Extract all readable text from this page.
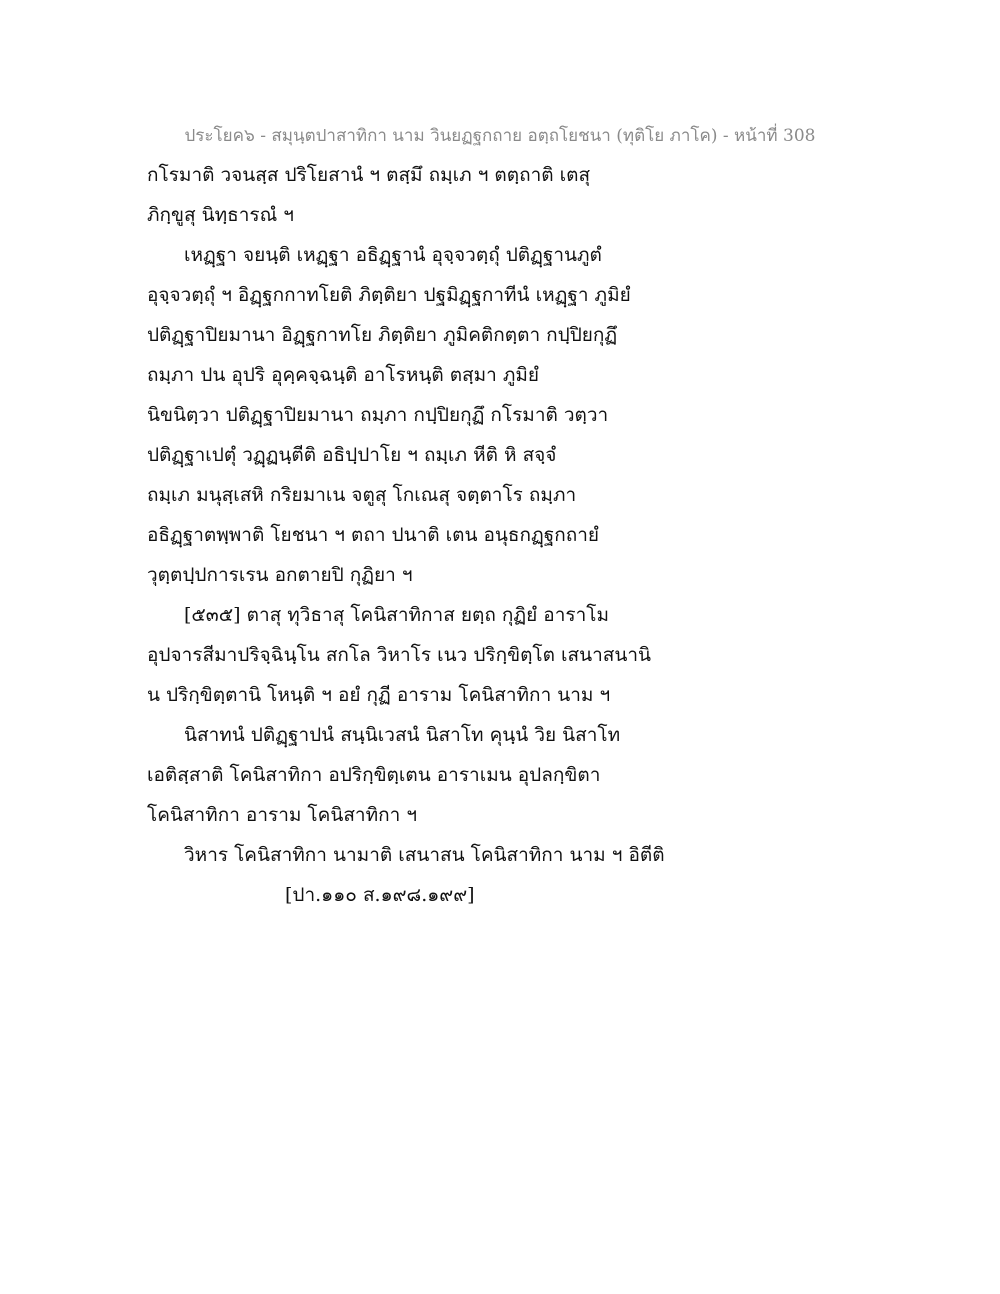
ประโยค๖ - สมุนฺตปาสาทิกา นาม วินยฏฐกถาย อตฺถโยชนา (ทุติโย ภาโค) - หน้าที่ 308
กโรมาติ วจนสฺส ปริโยสานํ ฯ ตสฺมึ ถมฺเภ ฯ ตตฺถาติ เตสุ
ภิกฺขูสุ นิทฺธารณํ ฯ
เหฏฺฐา จยนฺติ เหฏฺฐา อธิฏฺฐานํ อุจฺจวตฺถุํ ปติฏฺฐานภูตํ
อุจฺจวตฺถุํ ฯ อิฏฺฐกกาทโยติ ภิตฺติยา ปฐมิฏฺฐกาทีนํ เหฏฺฐา ภูมิยํ
ปติฏฺฐาปิยมานา อิฏฺฐกาทโย ภิตฺติยา ภูมิคติกตฺตา กปฺปิยกุฏึ
ถมฺภา ปน อุปริ อุคฺคจฺฉนฺติ อาโรหนฺติ ตสฺมา ภูมิยํ
นิขนิตฺวา ปติฏฺฐาปิยมานา ถมฺภา กปฺปิยกุฏึ กโรมาติ วตฺวา
ปติฏฺฐาเปตุํ วฏฺฏนฺตีติ อธิปฺปาโย ฯ ถมฺเภ หีติ หิ สจฺจํ
ถมฺเภ มนุสฺเสหิ กริยมาเน จตูสุ โกเณสุ จตฺตาโร ถมฺภา
อธิฏฺฐาตพฺพาติ โยชนา ฯ ตถา ปนาติ เตน อนุธกฏฺฐกถายํ
วุตฺตปฺปการเรน อกตายปิ กุฏิยา ฯ
[๕๓๕] ตาสุ ทุวิธาสุ โคนิสาทิกาส ยตฺถ กุฏิยํ อาราโม
อุปจารสีมาปริจฺฉินฺโน สกโล วิหาโร เนว ปริกฺขิตฺโต เสนาสนานิ
น ปริกฺขิตฺตานิ โหนฺติ ฯ อยํ กุฏี อาราม โคนิสาทิกา นาม ฯ
นิสาทนํ ปติฏฺฐาปนํ สนฺนิเวสนํ นิสาโท คุนฺนํ วิย นิสาโท
เอติสฺสาติ โคนิสาทิกา อปริกฺขิตฺเตน อาราเมน อุปลกฺขิตา
โคนิสาทิกา อาราม โคนิสาทิกา ฯ
วิหาร โคนิสาทิกา นามาติ เสนาสน โคนิสาทิกา นาม ฯ อิตีติ
[ปา.๑๑๐ ส.๑๙๘.๑๙๙]
